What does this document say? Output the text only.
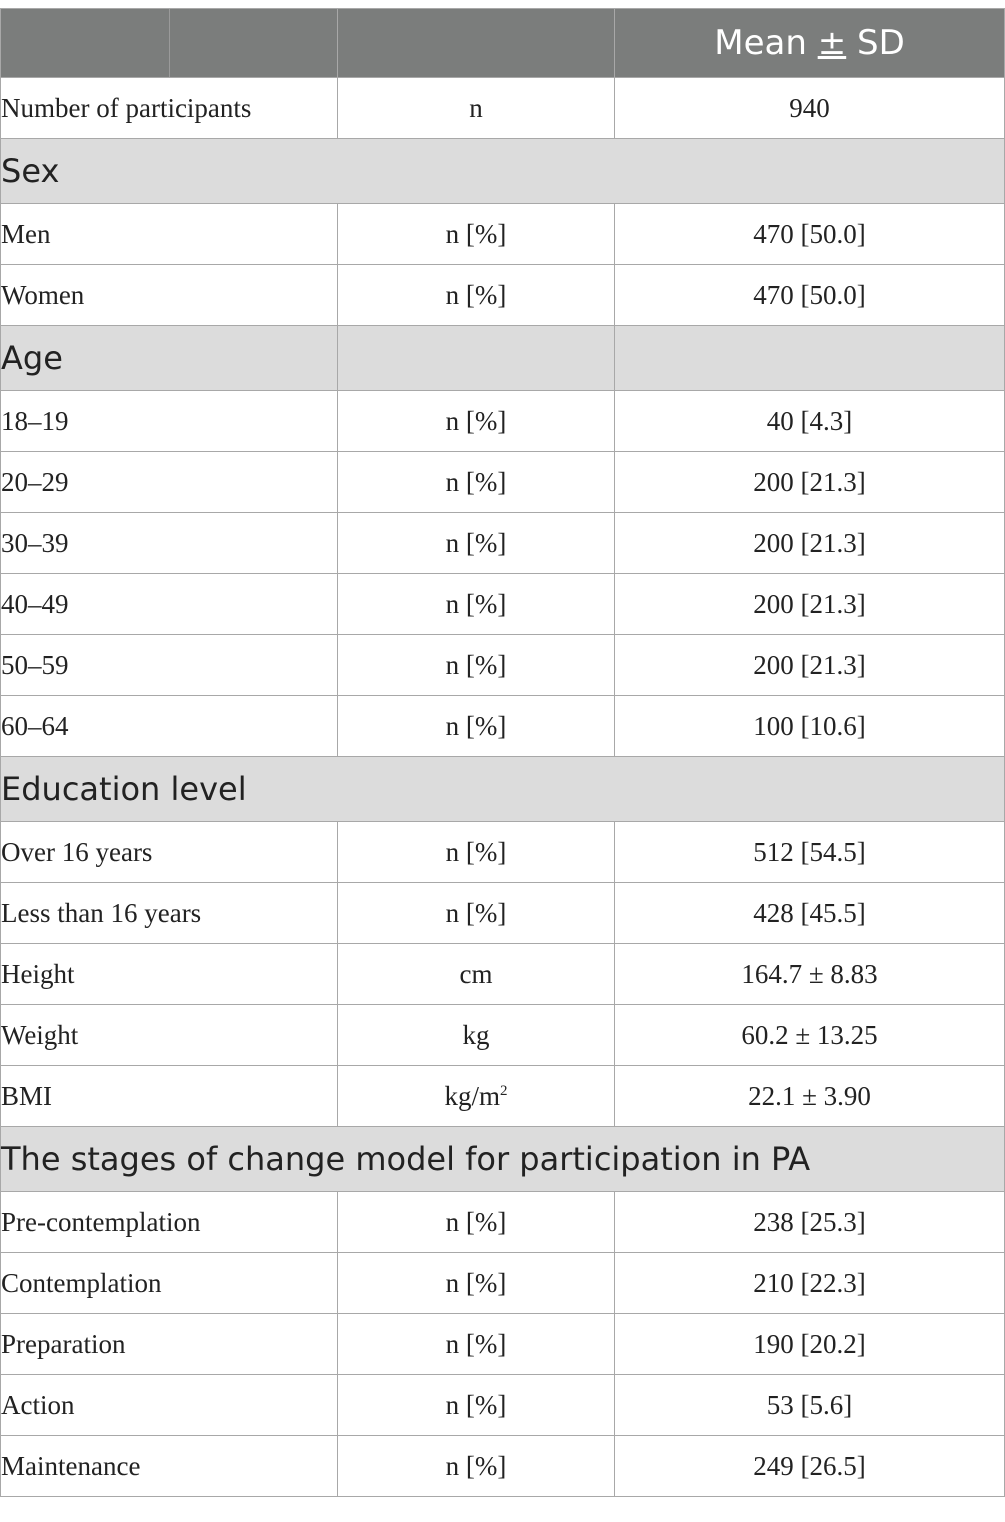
		Mean ± SD
Number of participants	n	940
Sex		
Men	n [%]	470 [50.0]
Women	n [%]	470 [50.0]
Age		
18–19	n [%]	40 [4.3]
20–29	n [%]	200 [21.3]
30–39	n [%]	200 [21.3]
40–49	n [%]	200 [21.3]
50–59	n [%]	200 [21.3]
60–64	n [%]	100 [10.6]
Education level		
Over 16 years	n [%]	512 [54.5]
Less than 16 years	n [%]	428 [45.5]
Height	cm	164.7 ± 8.83
Weight	kg	60.2 ± 13.25
BMI	$kg/m^2$	22.1 ± 3.90
The stages of change model for participation in PA		
Pre-contemplation	n [%]	238 [25.3]
Contemplation	n [%]	210 [22.3]
Preparation	n [%]	190 [20.2]
Action	n [%]	53 [5.6]
Maintenance	n [%]	249 [26.5]
